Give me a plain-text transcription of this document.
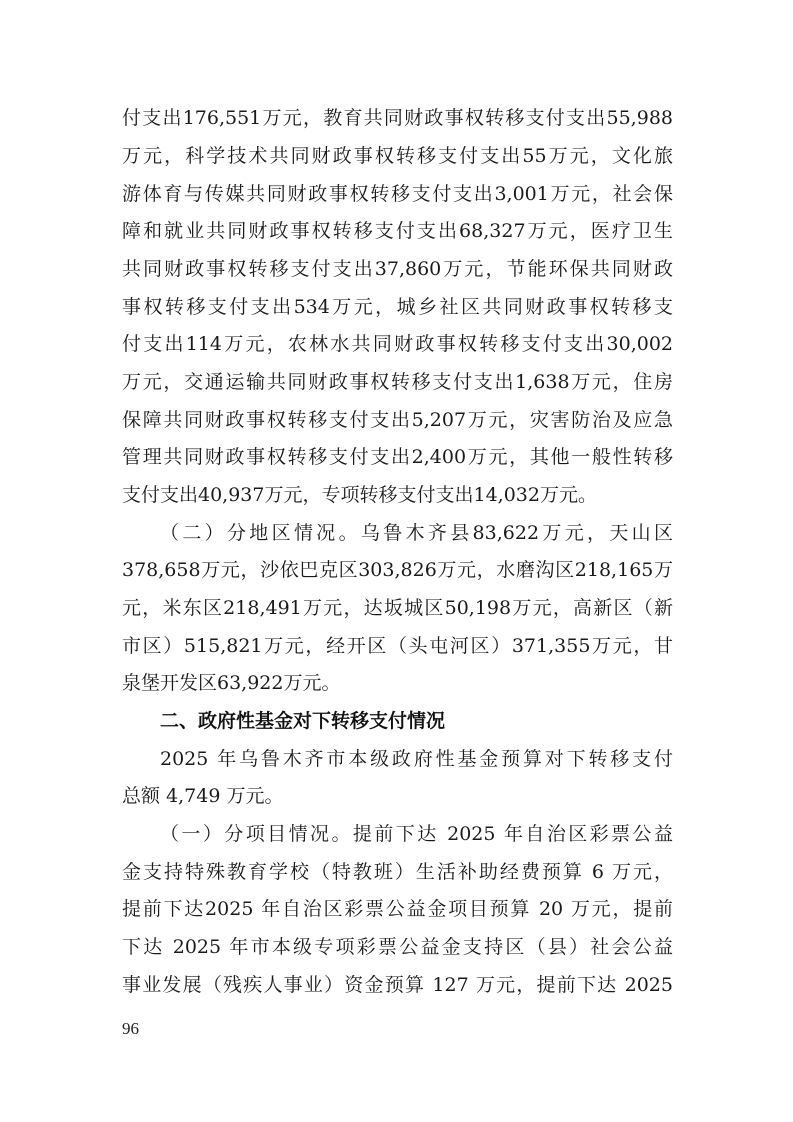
付支出176,551万元，教育共同财政事权转移支付支出55,988
万元，科学技术共同财政事权转移支付支出55万元，文化旅
游体育与传媒共同财政事权转移支付支出3,001万元，社会保
障和就业共同财政事权转移支付支出68,327万元，医疗卫生
共同财政事权转移支付支出37,860万元，节能环保共同财政
事权转移支付支出534万元，城乡社区共同财政事权转移支
付支出114万元，农林水共同财政事权转移支付支出30,002
万元，交通运输共同财政事权转移支付支出1,638万元，住房
保障共同财政事权转移支付支出5,207万元，灾害防治及应急
管理共同财政事权转移支付支出2,400万元，其他一般性转移
支付支出40,937万元，专项转移支付支出14,032万元。
（二）分地区情况。乌鲁木齐县83,622万元，天山区
378,658万元，沙依巴克区303,826万元，水磨沟区218,165万
元，米东区218,491万元，达坂城区50,198万元，高新区（新
市区）515,821万元，经开区（头屯河区）371,355万元，甘
泉堡开发区63,922万元。
二、政府性基金对下转移支付情况
2025 年乌鲁木齐市本级政府性基金预算对下转移支付
总额 4,749 万元。
（一）分项目情况。提前下达 2025 年自治区彩票公益
金支持特殊教育学校（特教班）生活补助经费预算 6 万元，
提前下达2025 年自治区彩票公益金项目预算 20 万元，提前
下达 2025 年市本级专项彩票公益金支持区（县）社会公益
事业发展（残疾人事业）资金预算 127 万元，提前下达 2025
96
